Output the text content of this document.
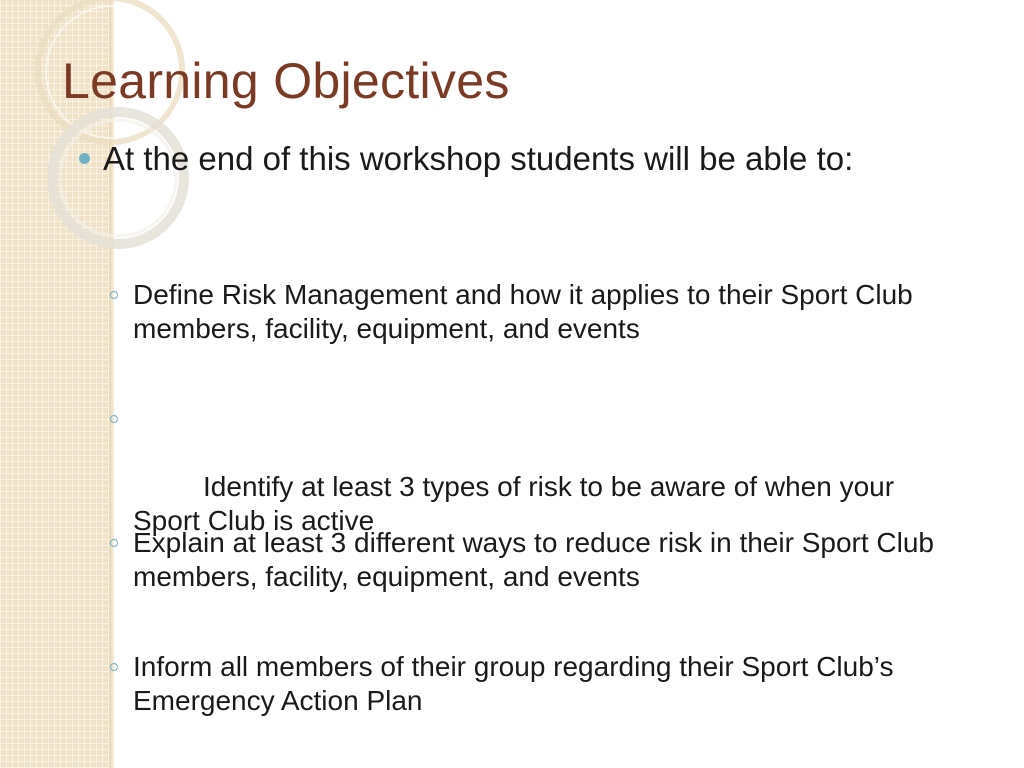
Learning Objectives
At the end of this workshop students will be able to:
Define Risk Management and how it applies to their Sport Club members, facility, equipment, and events

Identify at least 3 types of risk to be aware of when your Sport Club is active

Explain at least 3 different ways to reduce risk in their Sport Club members, facility, equipment, and events
Inform all members of their group regarding their Sport Club’s Emergency Action Plan
